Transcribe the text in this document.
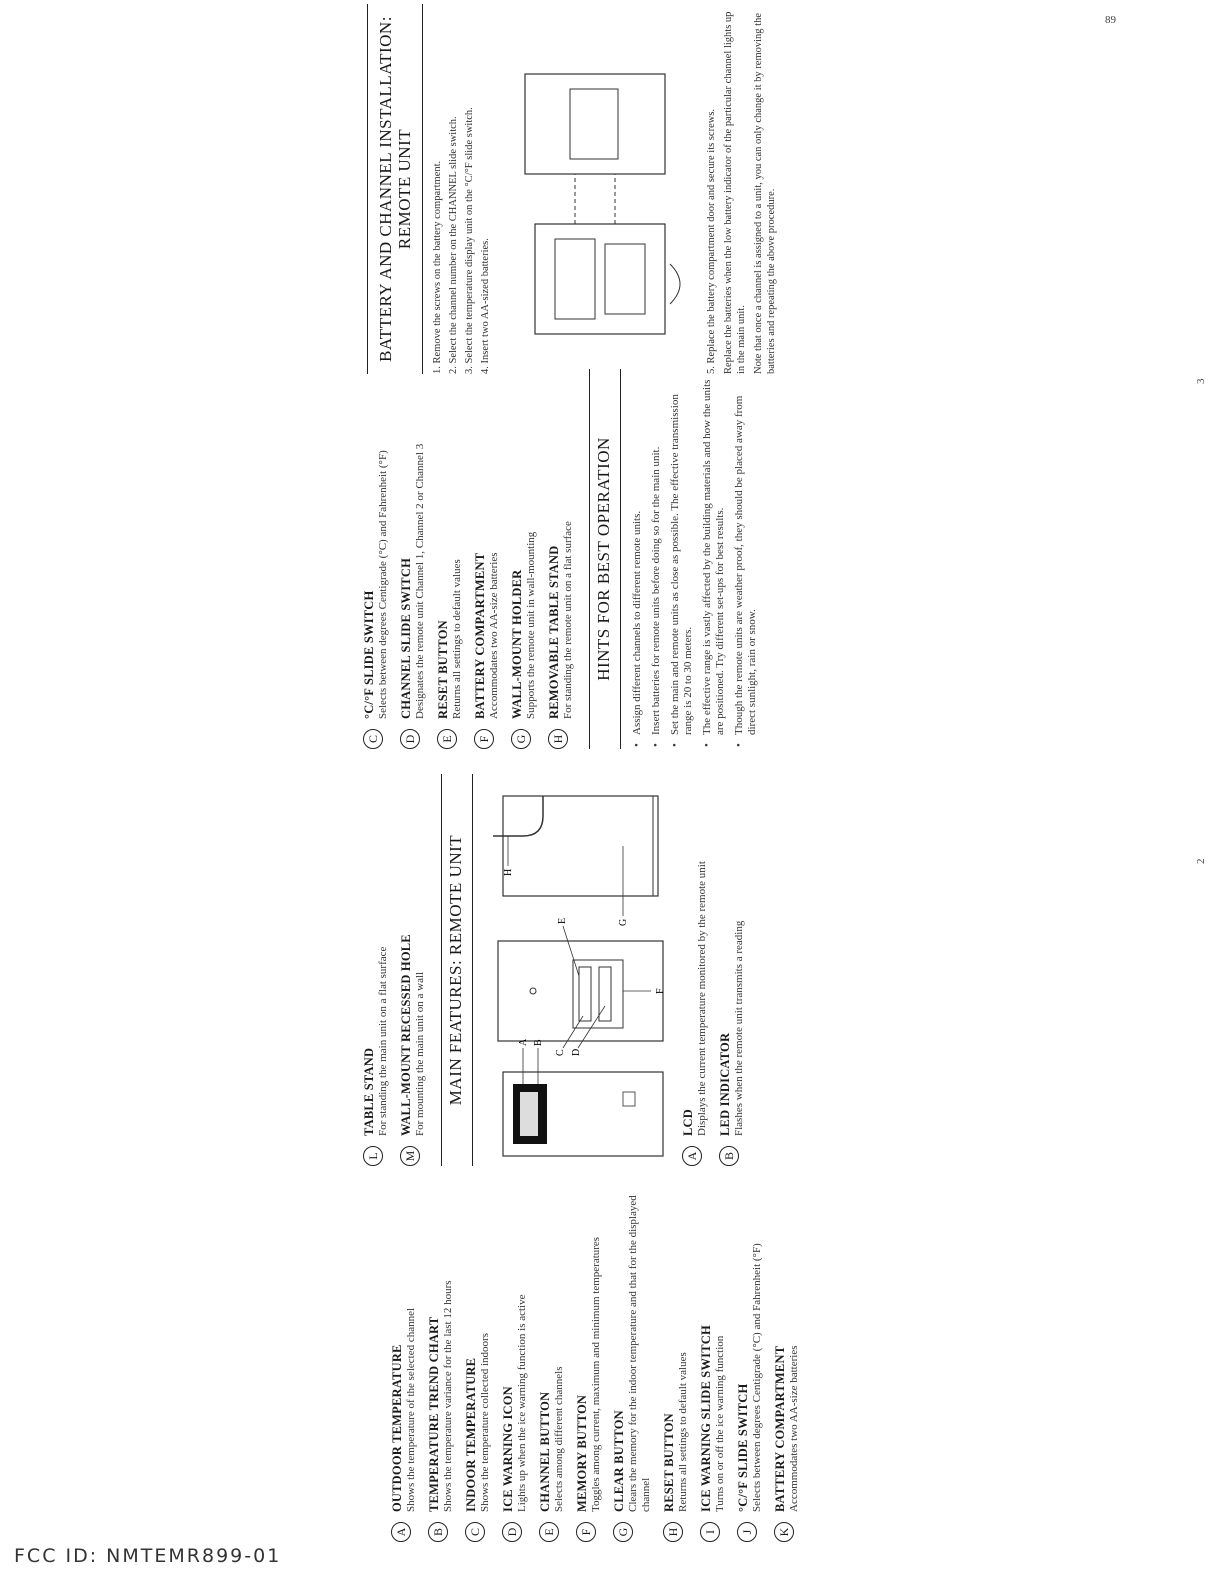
A
OUTDOOR TEMPERATURE Shows the temperature of the selected channel
B
TEMPERATURE TREND CHART Shows the temperature variance for the last 12 hours
C
INDOOR TEMPERATURE Shows the temperature collected indoors
D
ICE WARNING ICON Lights up when the ice warning function is active
E
CHANNEL BUTTON Selects among different channels
F
MEMORY BUTTON Toggles among current, maximum and minimum temperatures
G
CLEAR BUTTON Clears the memory for the indoor temperature and that for the displayed channel
H
RESET BUTTON Returns all settings to default values
I
ICE WARNING SLIDE SWITCH Turns on or off the ice warning function
J
°C/°F SLIDE SWITCH Selects between degrees Centigrade (°C) and Fahrenheit (°F)
K
BATTERY COMPARTMENT Accommodates two AA-size batteries
L
TABLE STAND For standing the main unit on a flat surface
M
WALL-MOUNT RECESSED HOLE For mounting the main unit on a wall MAIN FEATURES: REMOTE UNIT	A B
C D
E
F
G
H
A
LCD Displays the current temperature monitored by the remote unit
B
LED INDICATOR Flashes when the remote unit transmits a reading
C
°C/°F SLIDE SWITCH Selects between degrees Centigrade (°C) and Fahrenheit (°F)
D
CHANNEL SLIDE SWITCH Designates the remote unit Channel 1, Channel 2 or Channel 3
E
RESET BUTTON Returns all settings to default values
F
BATTERY COMPARTMENT Accommodates two AA-size batteries
G
WALL-MOUNT HOLDER Supports the remote unit in wall-mounting
H
REMOVABLE TABLE STAND For standing the remote unit on a flat surface HINTS FOR BEST OPERATION	• Assign different channels to different remote units. • Insert batteries for remote units before doing so for the main unit. • Set the main and remote units as close as possible. The effective transmission range is 20 to 30 meters. • The effective range is vastly affected by the building materials and how the units are positioned. Try different set-ups for best results. • Though the remote units are weather proof, they should be placed away from direct sunlight, rain or snow.
BATTERY AND CHANNEL INSTALLATION: REMOTE UNIT	1. Remove the screws on the battery compartment. 2. Select the channel number on the CHANNEL slide switch. 3. Select the temperature display unit on the °C/°F slide switch. 4. Insert two AA-sized batteries.	5. Replace the battery compartment door and secure its screws. Replace the batteries when the low battery indicator of the particular channel lights up in the main unit. Note that once a channel is assigned to a unit, you can only change it by removing the batteries and repeating the above procedure.

2
3
89
FCC ID: NMTEMR899-01
